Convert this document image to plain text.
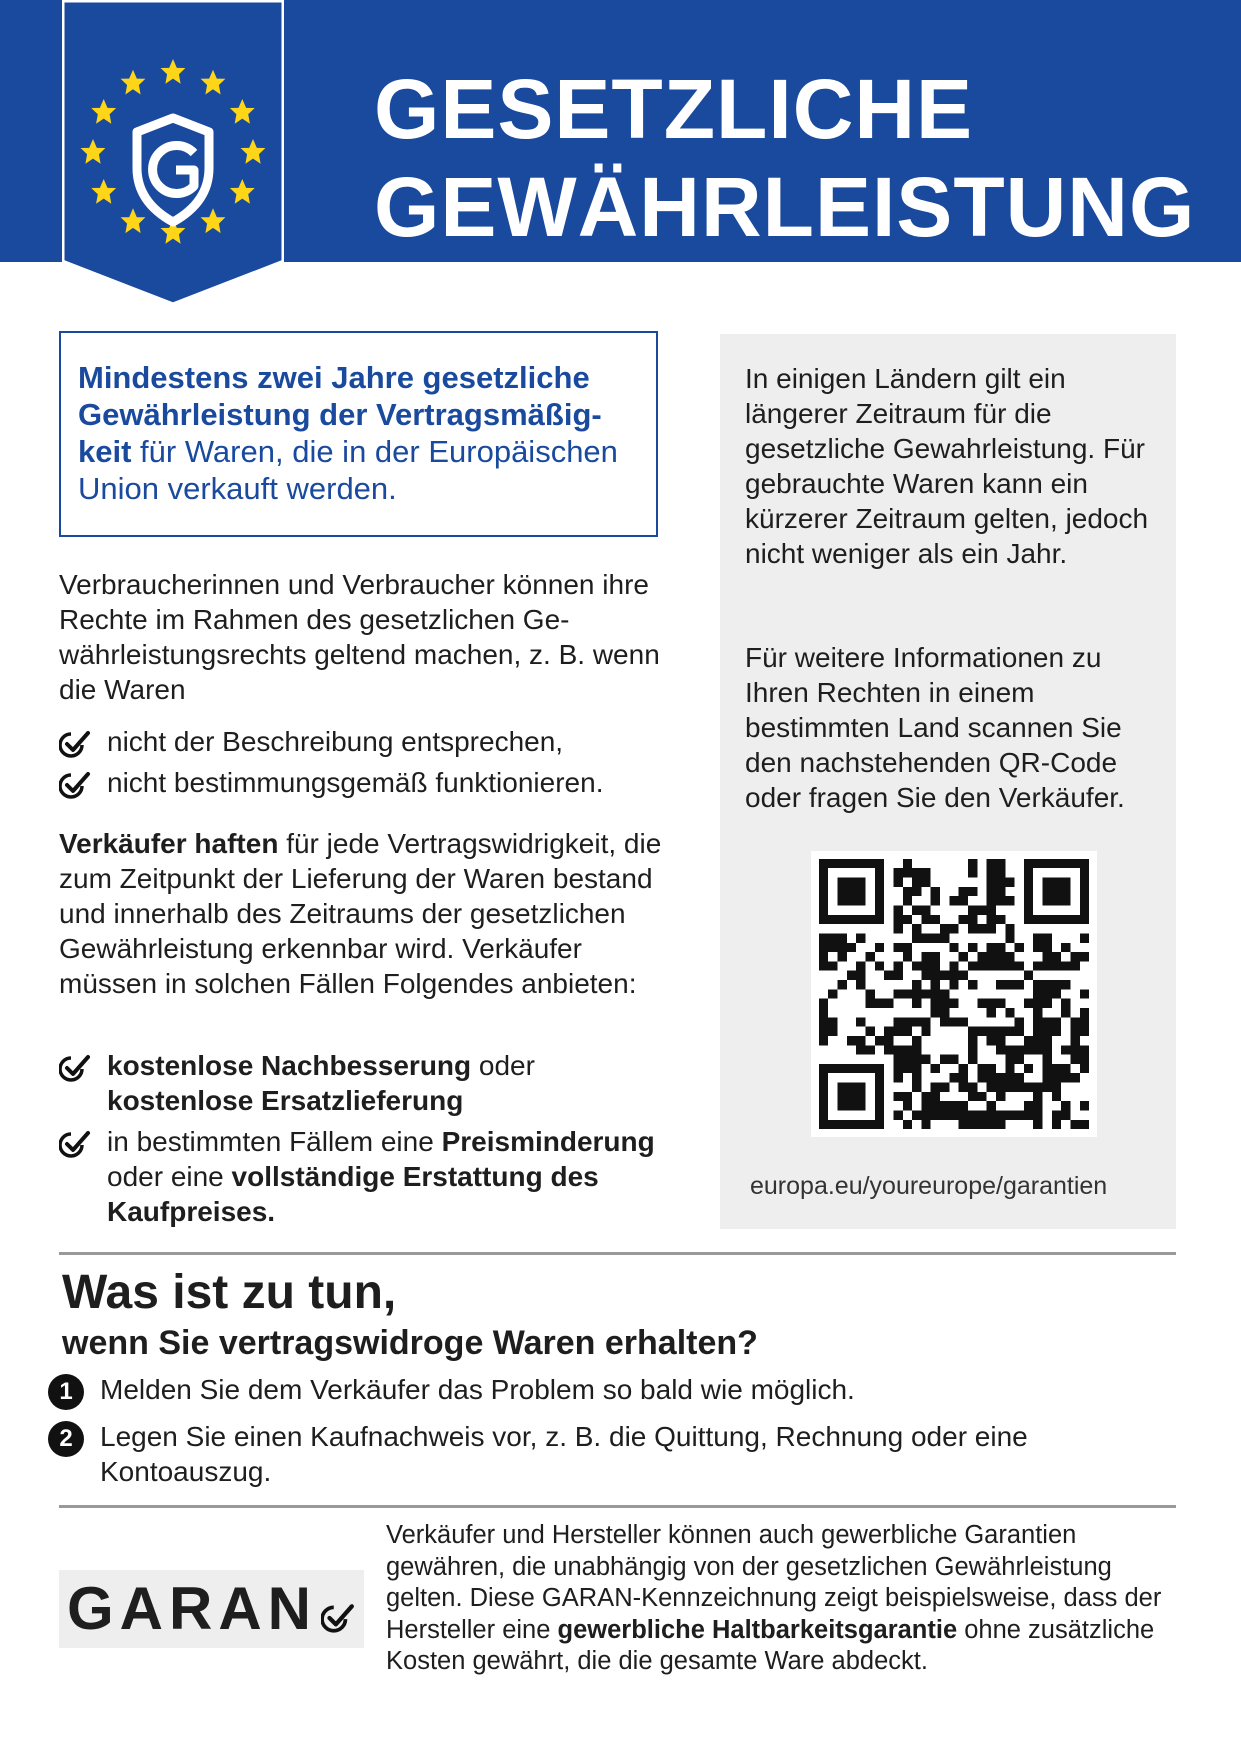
GESETZLICHE
GEWÄHRLEISTUNG
Mindestens zwei Jahre gesetzliche Gewährleistung der Vertragsmäßigkeit für Waren, die in der Europäischen Union verkauft werden.

Verbraucherinnen und Verbraucher können ihre Rechte im Rahmen des gesetzlichen Gewährleistungsrechts geltend machen, z. B. wenn die Waren

nicht der Beschreibung entsprechen,
nicht bestimmungsgemäß funktionieren.

Verkäufer haften für jede Vertragswidrigkeit, die zum Zeitpunkt der Lieferung der Waren bestand und innerhalb des Zeitraums der gesetzlichen Gewährleistung erkennbar wird. Verkäufer müssen in solchen Fällen Folgendes anbieten:

kostenlose Nachbesserung oder kostenlose Ersatzlieferung
in bestimmten Fällem eine Preisminderung oder eine vollständige Erstattung des Kaufpreises.

In einigen Ländern gilt ein längerer Zeitraum für die gesetzliche Gewahrleistung. Für gebrauchte Waren kann ein kürzerer Zeitraum gelten, jedoch nicht weniger als ein Jahr.

Für weitere Informationen zu Ihren Rechten in einem bestimmten Land scannen Sie den nachstehenden QR-Code oder fragen Sie den Verkäufer.

europa.eu/youreurope/garantien
Was ist zu tun,
wenn Sie vertragswidroge Waren erhalten?
1 Melden Sie dem Verkäufer das Problem so bald wie möglich.
2 Legen Sie einen Kaufnachweis vor, z. B. die Quittung, Rechnung oder eine Kontoauszug.
GARAN

Verkäufer und Hersteller können auch gewerbliche Garantien gewähren, die unabhängig von der gesetzlichen Gewährleistung gelten. Diese GARAN-Kennzeichnung zeigt beispielsweise, dass der Hersteller eine gewerbliche Haltbarkeitsgarantie ohne zusätzliche Kosten gewährt, die die gesamte Ware abdeckt.
